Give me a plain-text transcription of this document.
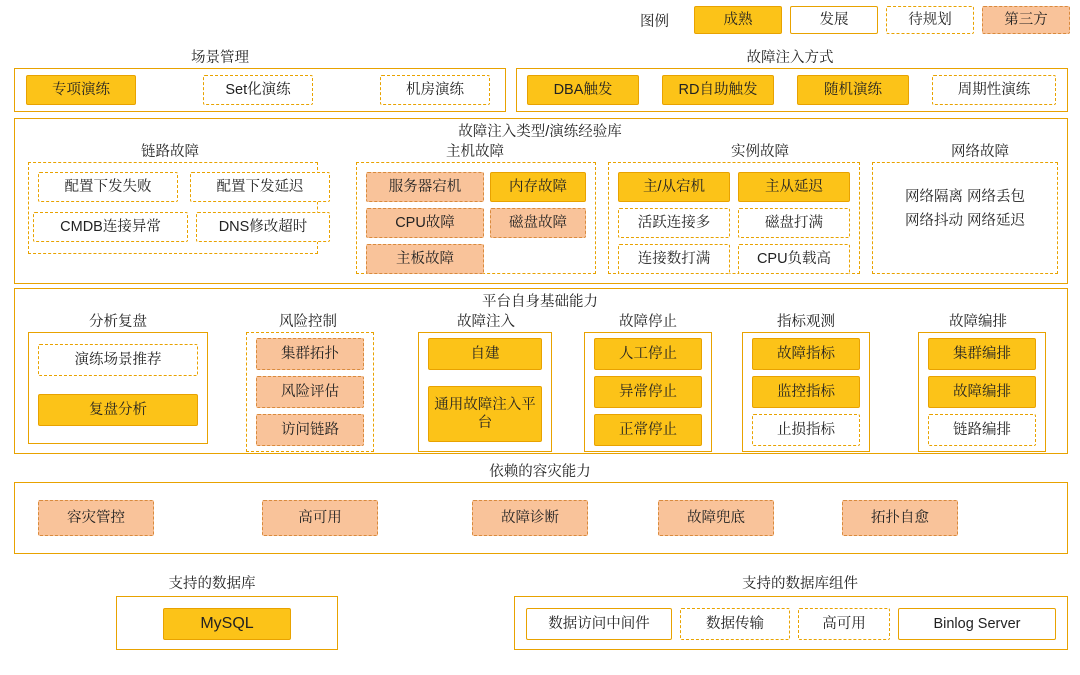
图例	成熟	发展	待规划	第三方
场景管理
专项演练	Set化演练	机房演练
故障注入方式
DBA触发	RD自助触发	随机演练	周期性演练
故障注入类型/演练经验库
链路故障
配置下发失败	配置下发延迟
CMDB连接异常	DNS修改超时
主机故障
服务器宕机	内存故障
CPU故障	磁盘故障
主板故障
实例故障
主/从宕机	主从延迟
活跃连接多	磁盘打满
连接数打满	CPU负载高
网络故障
网络隔离 网络丢包
网络抖动 网络延迟
平台自身基础能力
分析复盘
演练场景推荐
复盘分析
风险控制
集群拓扑
风险评估
访问链路
故障注入
自建
通用故障注入平台
故障停止
人工停止
异常停止
正常停止
指标观测
故障指标
监控指标
止损指标
故障编排
集群编排
故障编排
链路编排
依赖的容灾能力
容灾管控	高可用	故障诊断	故障兜底	拓扑自愈
支持的数据库
MySQL
支持的数据库组件
数据访问中间件	数据传输	高可用	Binlog Server
